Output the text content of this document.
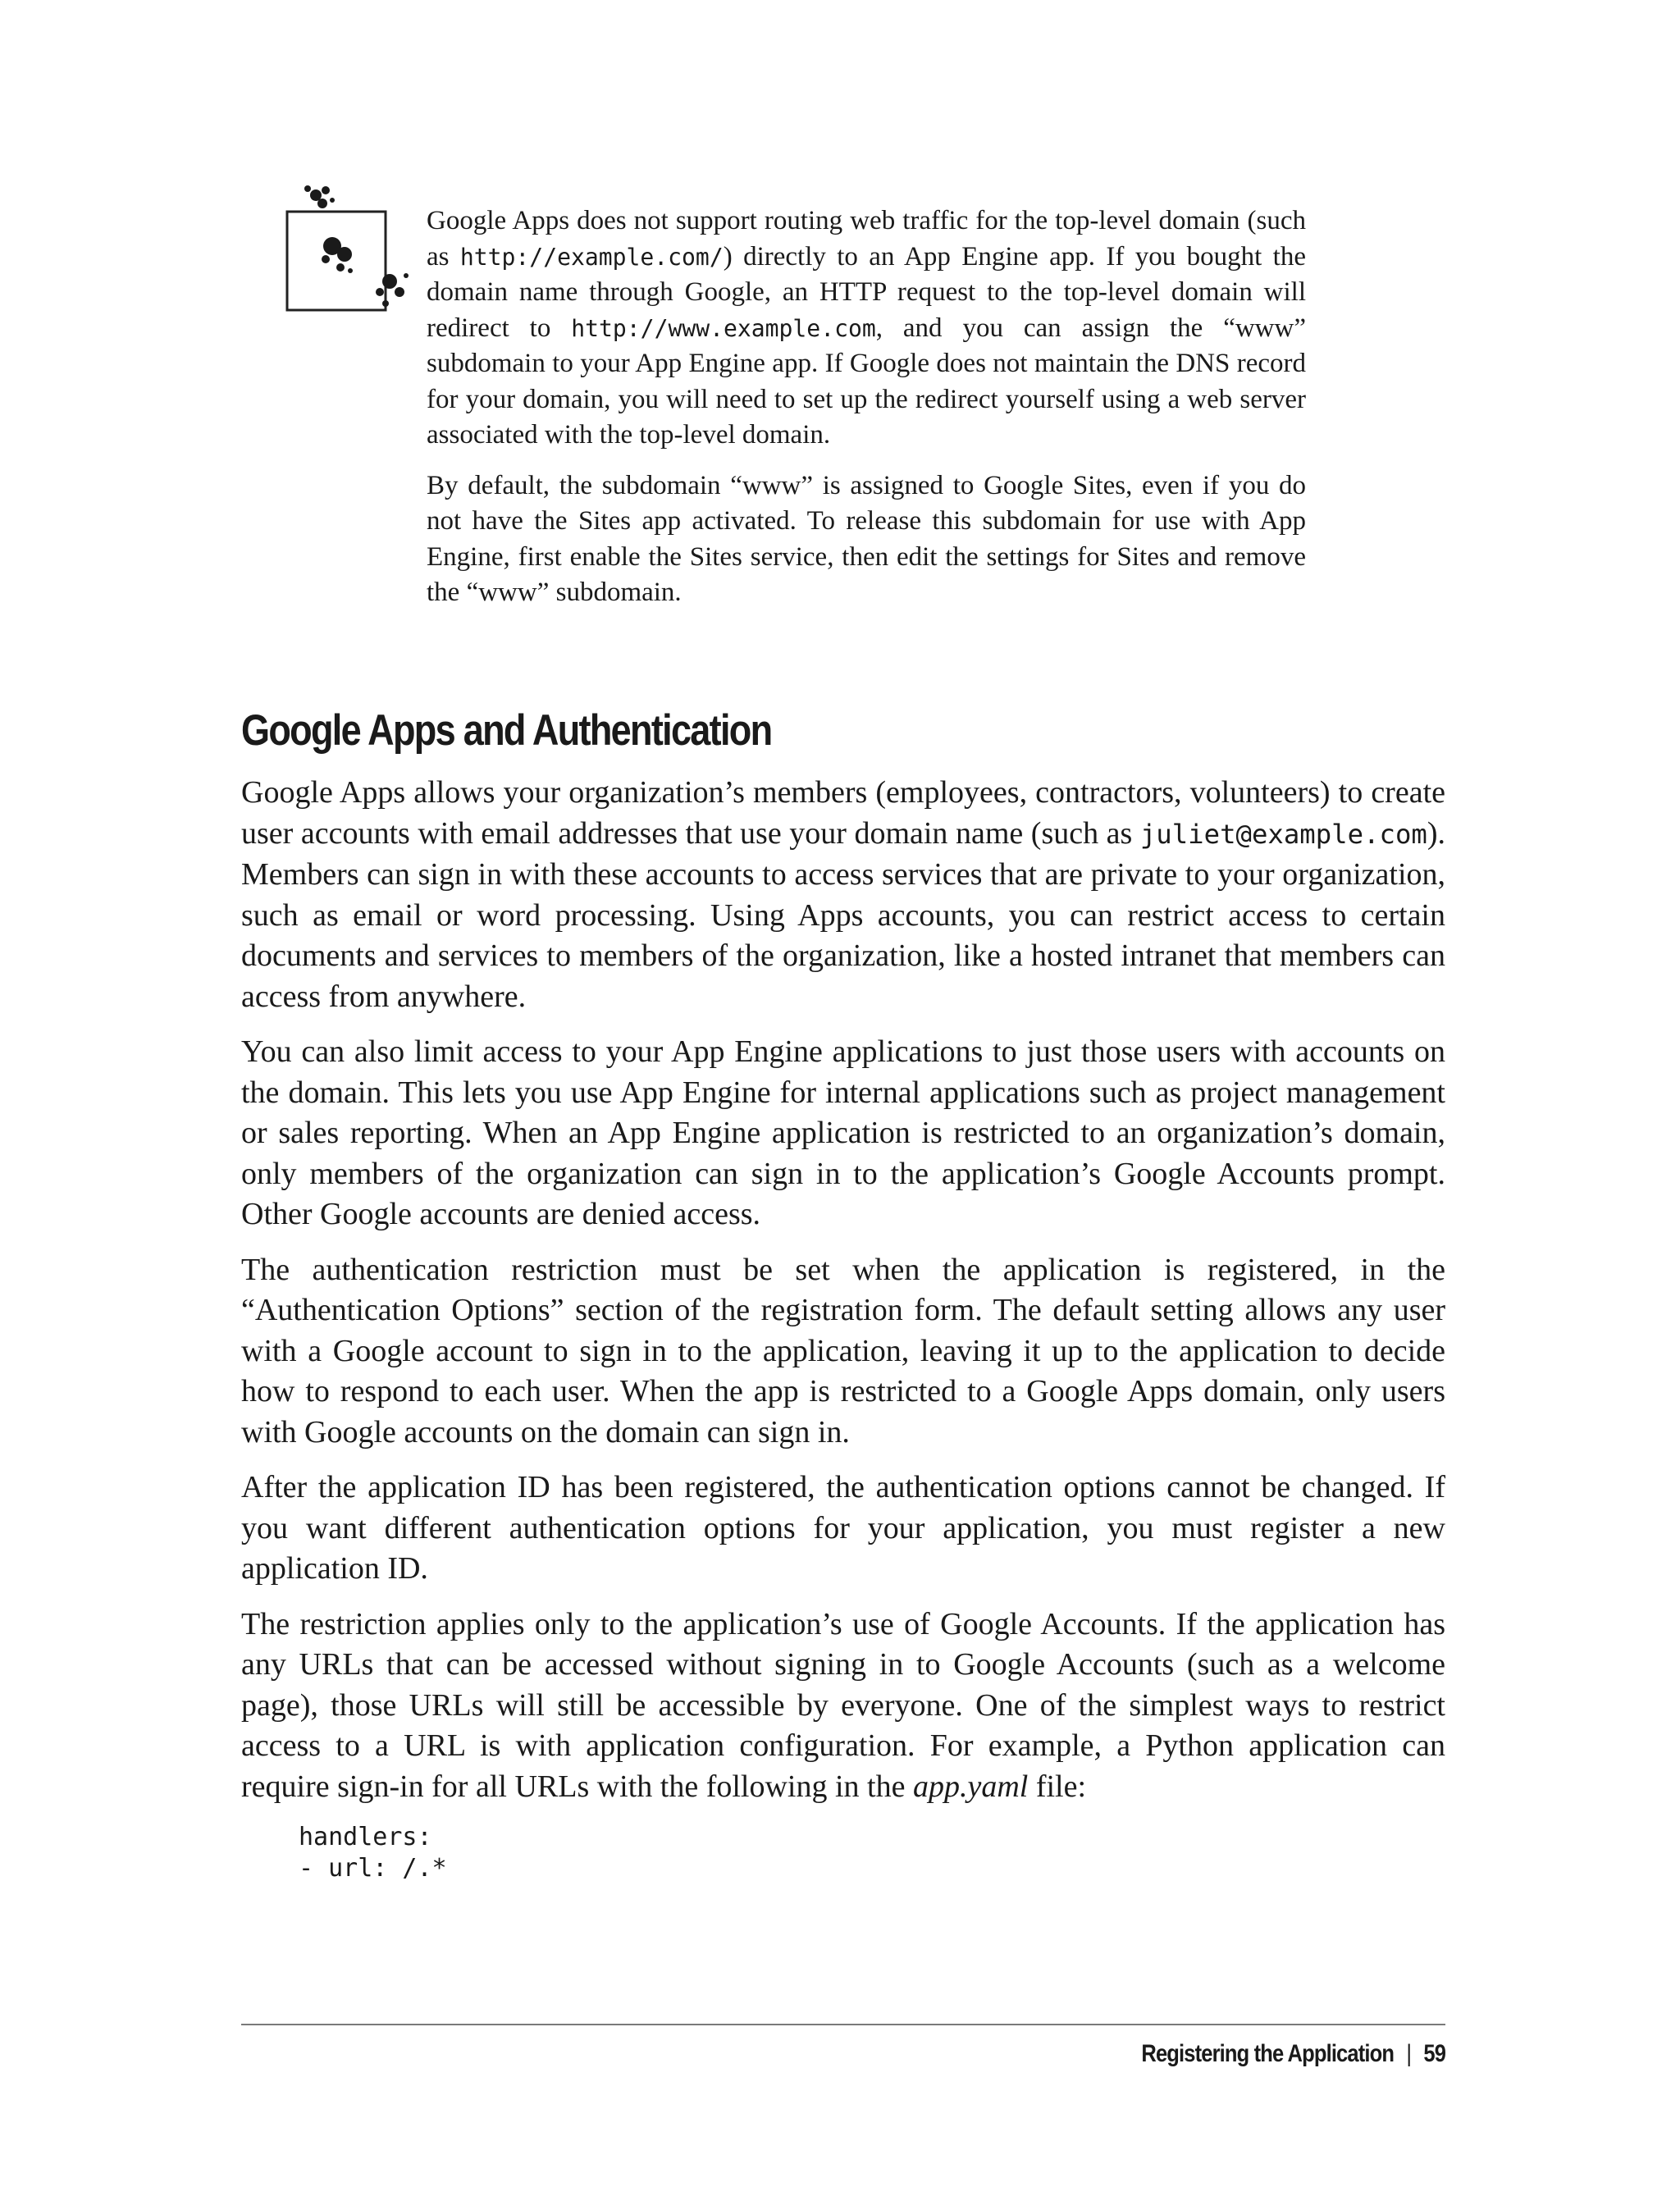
Google Apps does not support routing web traffic for the top-level domain (such as http://example.com/) directly to an App Engine app. If you bought the domain name through Google, an HTTP request to the top-level domain will redirect to http://www.example.com, and you can assign the “www” subdomain to your App Engine app. If Google does not maintain the DNS record for your domain, you will need to set up the redirect yourself using a web server associated with the top-level domain.

By default, the subdomain “www” is assigned to Google Sites, even if you do not have the Sites app activated. To release this subdomain for use with App Engine, first enable the Sites service, then edit the settings for Sites and remove the “www” subdomain.

Google Apps and Authentication

Google Apps allows your organization’s members (employees, contractors, volunteers) to create user accounts with email addresses that use your domain name (such as juliet@example.com). Members can sign in with these accounts to access services that are private to your organization, such as email or word processing. Using Apps accounts, you can restrict access to certain documents and services to members of the organization, like a hosted intranet that members can access from anywhere.

You can also limit access to your App Engine applications to just those users with accounts on the domain. This lets you use App Engine for internal applications such as project management or sales reporting. When an App Engine application is restricted to an organization’s domain, only members of the organization can sign in to the application’s Google Accounts prompt. Other Google accounts are denied access.

The authentication restriction must be set when the application is registered, in the “Authentication Options” section of the registration form. The default setting allows any user with a Google account to sign in to the application, leaving it up to the application to decide how to respond to each user. When the app is restricted to a Google Apps domain, only users with Google accounts on the domain can sign in.

After the application ID has been registered, the authentication options cannot be changed. If you want different authentication options for your application, you must register a new application ID.

The restriction applies only to the application’s use of Google Accounts. If the application has any URLs that can be accessed without signing in to Google Accounts (such as a welcome page), those URLs will still be accessible by everyone. One of the simplest ways to restrict access to a URL is with application configuration. For example, a Python application can require sign-in for all URLs with the following in the app.yaml file:

handlers:
- url: /.*
Registering the Application | 59
